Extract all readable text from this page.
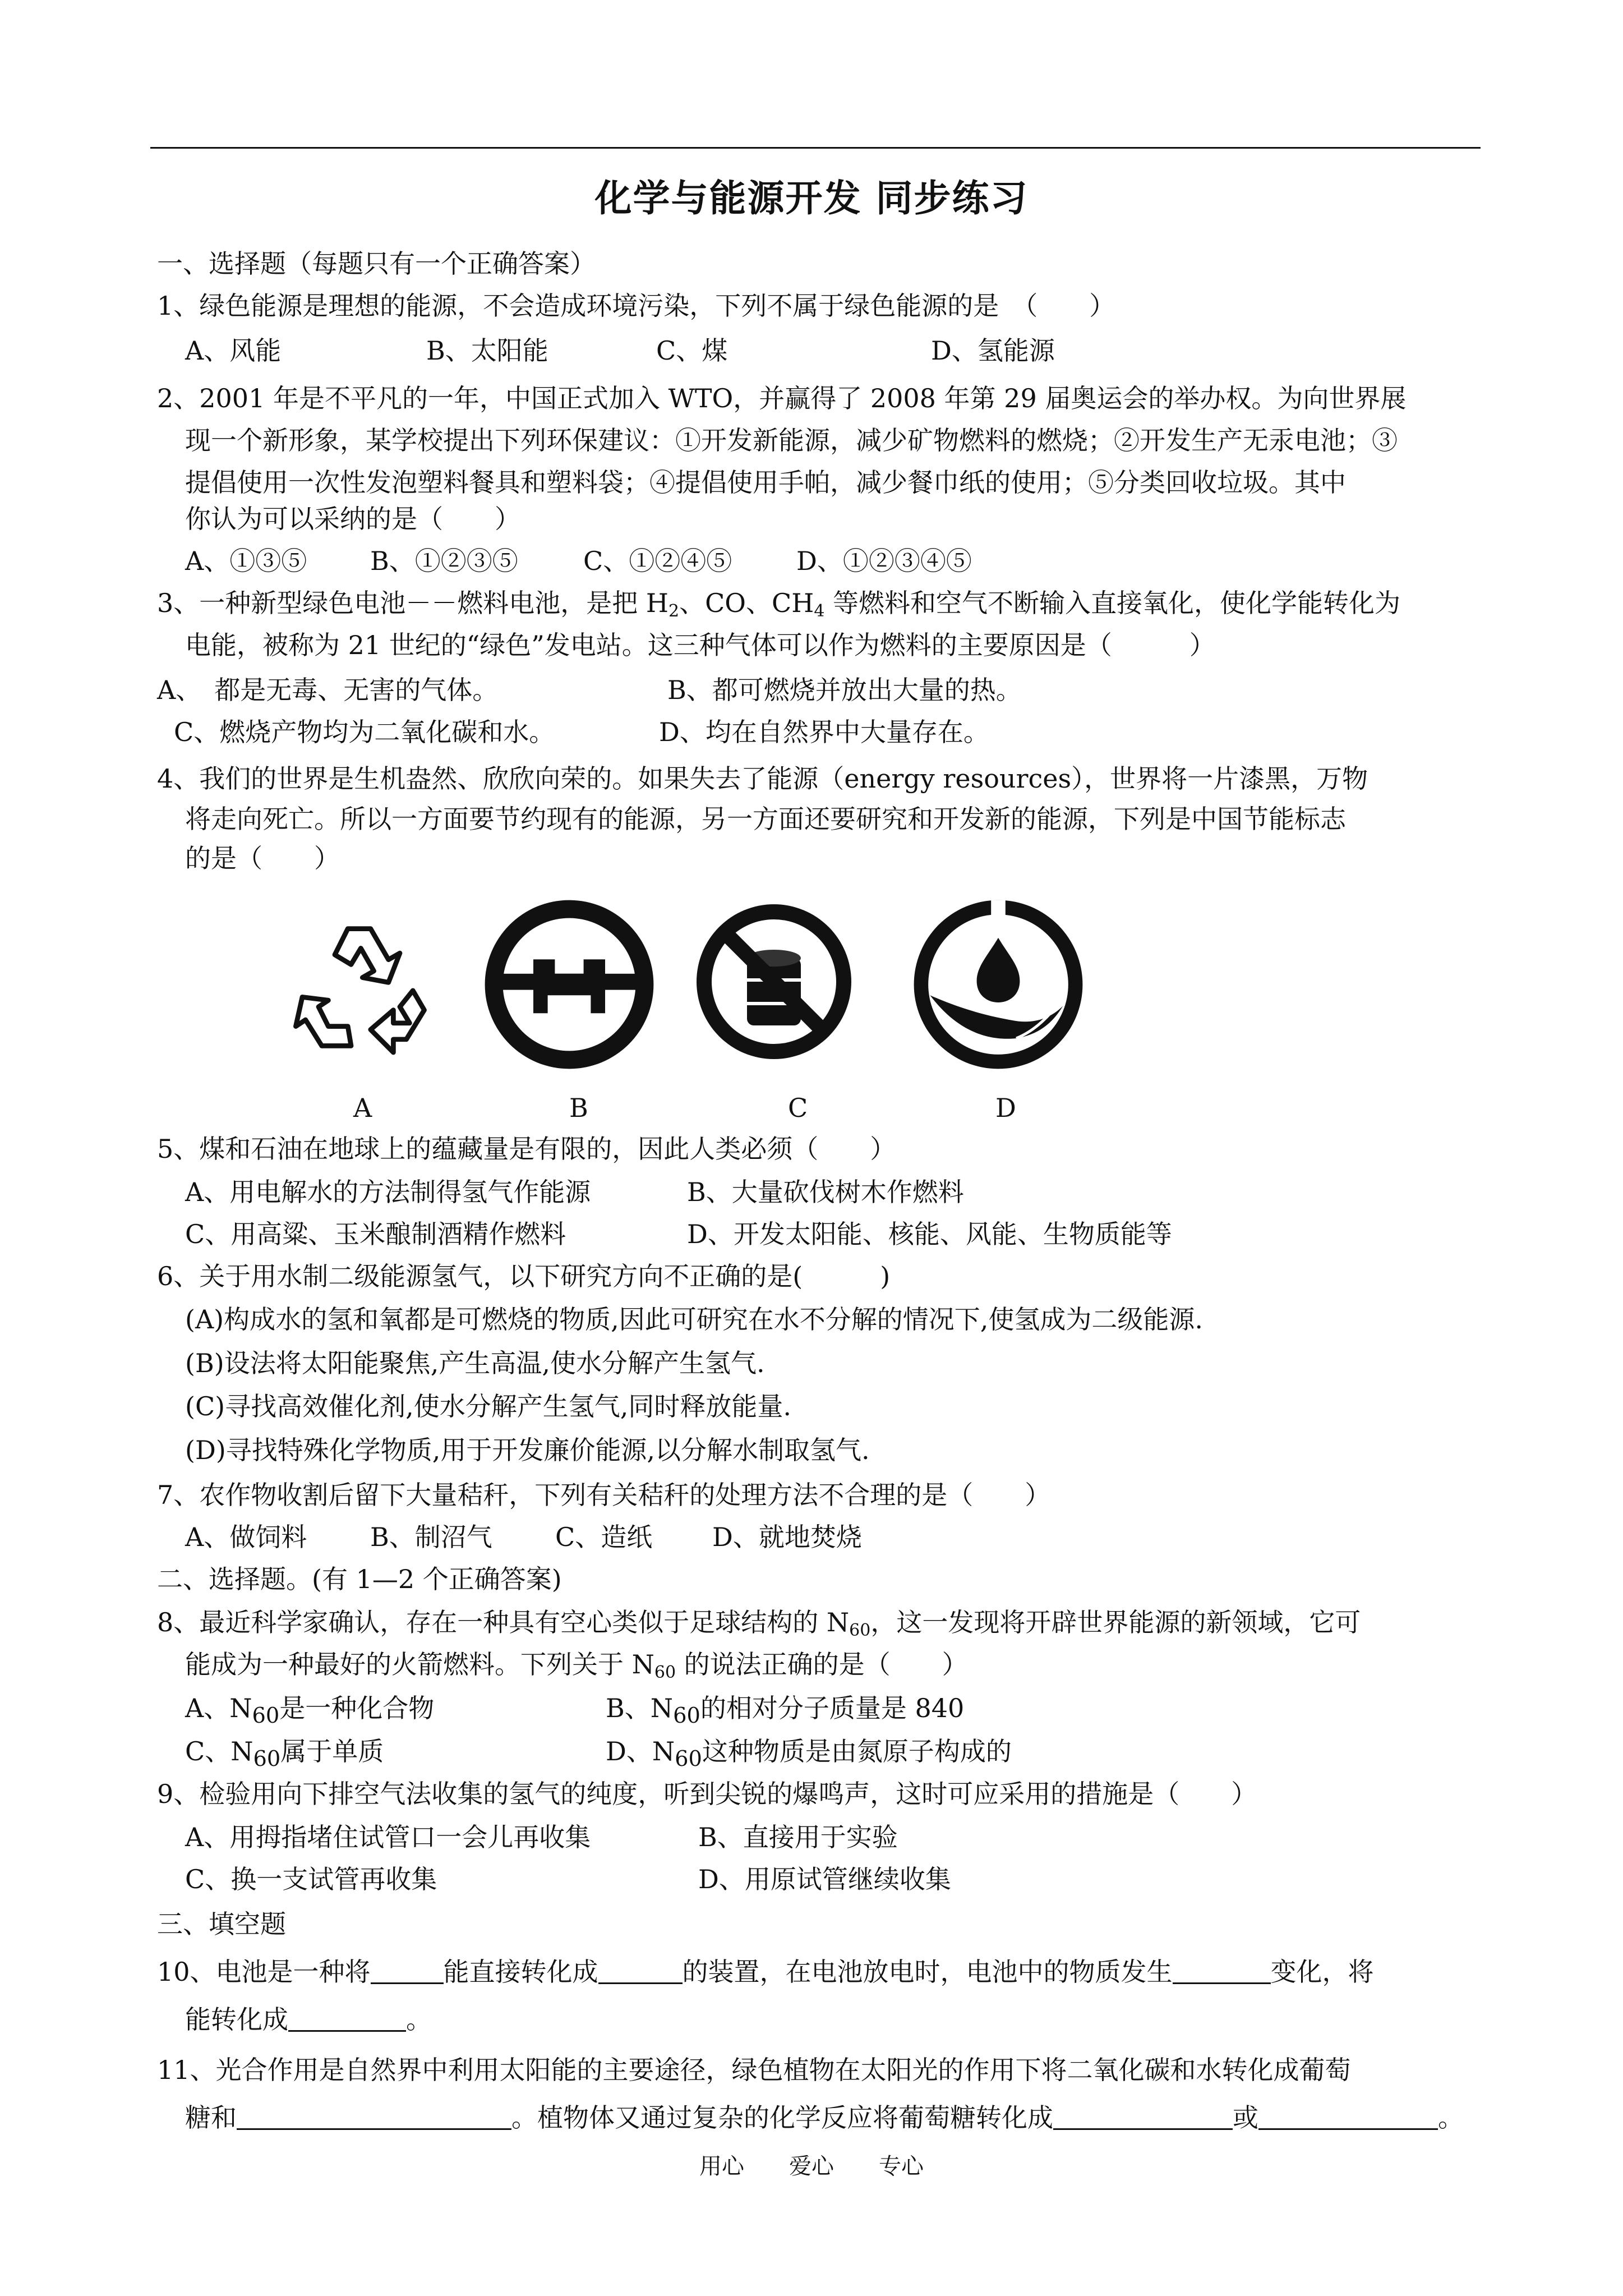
化学与能源开发 同步练习
一、选择题（每题只有一个正确答案）
1、绿色能源是理想的能源，不会造成环境污染，下列不属于绿色能源的是　（　　）
A、风能	B、太阳能	C、煤	D、氢能源
2、2001 年是不平凡的一年，中国正式加入 WTO，并赢得了 2008 年第 29 届奥运会的举办权。为向世界展
现一个新形象，某学校提出下列环保建议：①开发新能源，减少矿物燃料的燃烧；②开发生产无汞电池；③
提倡使用一次性发泡塑料餐具和塑料袋；④提倡使用手帕，减少餐巾纸的使用；⑤分类回收垃圾。其中
你认为可以采纳的是（　　）
A、①③⑤ B、①②③⑤	C、①②④⑤ D、①②③④⑤
3、一种新型绿色电池－－燃料电池，是把 $H_2$、CO、$CH_4$ 等燃料和空气不断输入直接氧化，使化学能转化为
电能，被称为 21 世纪的“绿色”发电站。这三种气体可以作为燃料的主要原因是（　　　）
A、　都是无毒、无害的气体。	B、都可燃烧并放出大量的热。
C、燃烧产物均为二氧化碳和水。	D、均在自然界中大量存在。
4、我们的世界是生机盎然、欣欣向荣的。如果失去了能源（energy resources），世界将一片漆黑，万物
将走向死亡。所以一方面要节约现有的能源，另一方面还要研究和开发新的能源，下列是中国节能标志
的是（　　）
A	B	C	D
5、煤和石油在地球上的蕴藏量是有限的，因此人类必须（　　）
A、用电解水的方法制得氢气作能源	B、大量砍伐树木作燃料
C、用高粱、玉米酿制酒精作燃料	D、开发太阳能、核能、风能、生物质能等
6、关于用水制二级能源氢气，以下研究方向不正确的是(　　　)
(A)构成水的氢和氧都是可燃烧的物质,因此可研究在水不分解的情况下,使氢成为二级能源.
(B)设法将太阳能聚焦,产生高温,使水分解产生氢气.
(C)寻找高效催化剂,使水分解产生氢气,同时释放能量.
(D)寻找特殊化学物质,用于开发廉价能源,以分解水制取氢气.
7、农作物收割后留下大量秸秆，下列有关秸秆的处理方法不合理的是（　　）
A、做饲料 B、制沼气 C、造纸 D、就地焚烧
二、选择题。(有 1—2 个正确答案)
8、最近科学家确认，存在一种具有空心类似于足球结构的 $N_{60}$，这一发现将开辟世界能源的新领域，它可
能成为一种最好的火箭燃料。下列关于 $N_{60}$ 的说法正确的是（　　）
A、$N_{60}$是一种化合物	B、$N_{60}$的相对分子质量是 840
C、$N_{60}$属于单质	D、$N_{60}$这种物质是由氮原子构成的
9、检验用向下排空气法收集的氢气的纯度，听到尖锐的爆鸣声，这时可应采用的措施是（　　）
A、用拇指堵住试管口一会儿再收集	B、直接用于实验
C、换一支试管再收集	D、用原试管继续收集
三、填空题
10、电池是一种将	能直接转化成	的装置，在电池放电时，电池中的物质发生	变化，将
能转化成	。
11、光合作用是自然界中利用太阳能的主要途径，绿色植物在太阳光的作用下将二氧化碳和水转化成葡萄
糖和	。植物体又通过复杂的化学反应将葡萄糖转化成	或	。
用心　　爱心　　专心
